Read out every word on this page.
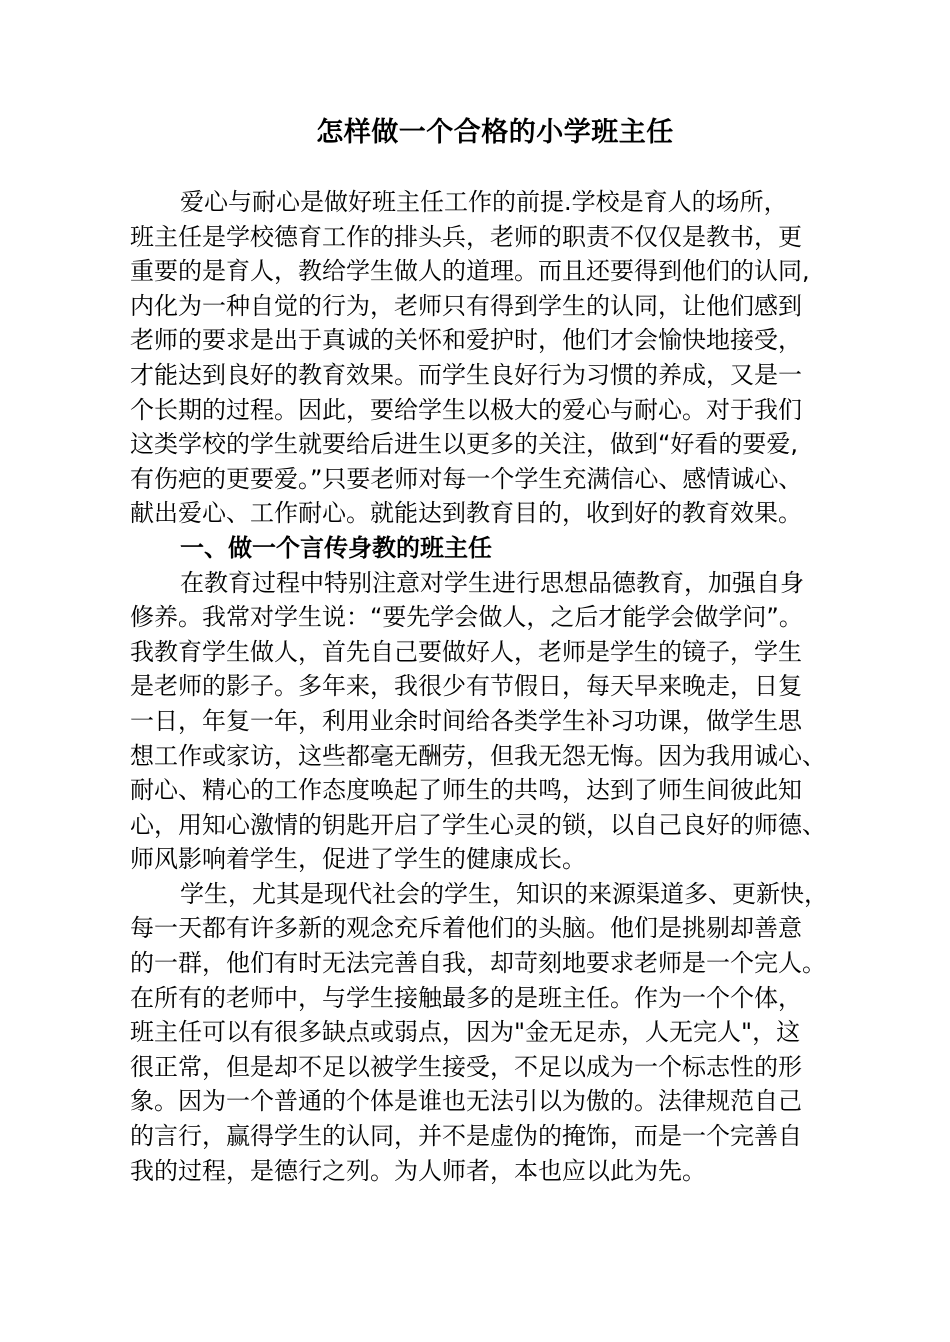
怎样做一个合格的小学班主任
爱心与耐心是做好班主任工作的前提.学校是育人的场所，
班主任是学校德育工作的排头兵，老师的职责不仅仅是教书，更
重要的是育人，教给学生做人的道理。而且还要得到他们的认同,
内化为一种自觉的行为，老师只有得到学生的认同，让他们感到
老师的要求是出于真诚的关怀和爱护时，他们才会愉快地接受，
才能达到良好的教育效果。而学生良好行为习惯的养成，又是一
个长期的过程。因此，要给学生以极大的爱心与耐心。对于我们
这类学校的学生就要给后进生以更多的关注，做到“好看的要爱,
有伤疤的更要爱。”只要老师对每一个学生充满信心、感情诚心、
献出爱心、工作耐心。就能达到教育目的，收到好的教育效果。
一、做一个言传身教的班主任
在教育过程中特别注意对学生进行思想品德教育，加强自身
修养。我常对学生说：“要先学会做人，之后才能学会做学问”。
我教育学生做人，首先自己要做好人，老师是学生的镜子，学生
是老师的影子。多年来，我很少有节假日，每天早来晚走，日复
一日，年复一年，利用业余时间给各类学生补习功课，做学生思
想工作或家访，这些都毫无酬劳，但我无怨无悔。因为我用诚心、
耐心、精心的工作态度唤起了师生的共鸣，达到了师生间彼此知
心，用知心激情的钥匙开启了学生心灵的锁，以自己良好的师德、
师风影响着学生，促进了学生的健康成长。
学生，尤其是现代社会的学生，知识的来源渠道多、更新快，
每一天都有许多新的观念充斥着他们的头脑。他们是挑剔却善意
的一群，他们有时无法完善自我，却苛刻地要求老师是一个完人。
在所有的老师中，与学生接触最多的是班主任。作为一个个体，
班主任可以有很多缺点或弱点，因为"金无足赤，人无完人"，这
很正常，但是却不足以被学生接受，不足以成为一个标志性的形
象。因为一个普通的个体是谁也无法引以为傲的。法律规范自己
的言行，赢得学生的认同，并不是虚伪的掩饰，而是一个完善自
我的过程，是德行之列。为人师者，本也应以此为先。
